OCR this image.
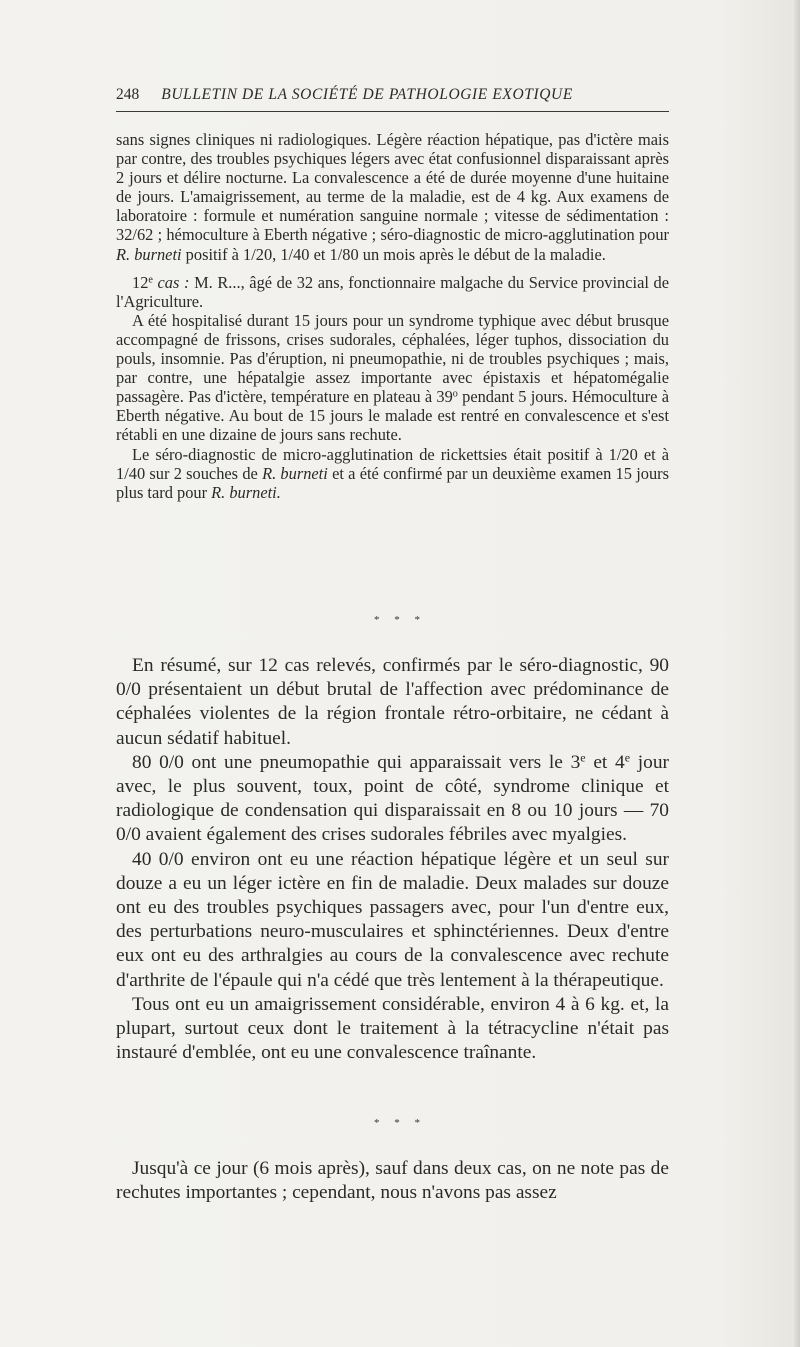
248 BULLETIN DE LA SOCIÉTÉ DE PATHOLOGIE EXOTIQUE

sans signes cliniques ni radiologiques. Légère réaction hépatique, pas d'ictère mais par contre, des troubles psychiques légers avec état confusionnel disparaissant après 2 jours et délire nocturne. La convalescence a été de durée moyenne d'une huitaine de jours. L'amaigrissement, au terme de la maladie, est de 4 kg. Aux examens de laboratoire : formule et numération sanguine normale ; vitesse de sédimentation : 32/62 ; hémoculture à Eberth négative ; séro-diagnostic de micro-agglutination pour R. burneti positif à 1/20, 1/40 et 1/80 un mois après le début de la maladie.

12e cas : M. R..., âgé de 32 ans, fonctionnaire malgache du Service provincial de l'Agriculture.

A été hospitalisé durant 15 jours pour un syndrome typhique avec début brusque accompagné de frissons, crises sudorales, céphalées, léger tuphos, dissociation du pouls, insomnie. Pas d'éruption, ni pneumopathie, ni de troubles psychiques ; mais, par contre, une hépatalgie assez importante avec épistaxis et hépatomégalie passagère. Pas d'ictère, température en plateau à 39$^o$ pendant 5 jours. Hémoculture à Eberth négative. Au bout de 15 jours le malade est rentré en convalescence et s'est rétabli en une dizaine de jours sans rechute.

Le séro-diagnostic de micro-agglutination de rickettsies était positif à 1/20 et à 1/40 sur 2 souches de R. burneti et a été confirmé par un deuxième examen 15 jours plus tard pour R. burneti.

* * *

En résumé, sur 12 cas relevés, confirmés par le séro-diagnostic, 90 0/0 présentaient un début brutal de l'affection avec prédominance de céphalées violentes de la région frontale rétro-orbitaire, ne cédant à aucun sédatif habituel.

80 0/0 ont une pneumopathie qui apparaissait vers le 3e et 4e jour avec, le plus souvent, toux, point de côté, syndrome clinique et radiologique de condensation qui disparaissait en 8 ou 10 jours — 70 0/0 avaient également des crises sudorales fébriles avec myalgies.

40 0/0 environ ont eu une réaction hépatique légère et un seul sur douze a eu un léger ictère en fin de maladie. Deux malades sur douze ont eu des troubles psychiques passagers avec, pour l'un d'entre eux, des perturbations neuro-musculaires et sphinctériennes. Deux d'entre eux ont eu des arthralgies au cours de la convalescence avec rechute d'arthrite de l'épaule qui n'a cédé que très lentement à la thérapeutique.

Tous ont eu un amaigrissement considérable, environ 4 à 6 kg. et, la plupart, surtout ceux dont le traitement à la tétracycline n'était pas instauré d'emblée, ont eu une convalescence traînante.

* * *

Jusqu'à ce jour (6 mois après), sauf dans deux cas, on ne note pas de rechutes importantes ; cependant, nous n'avons pas assez
